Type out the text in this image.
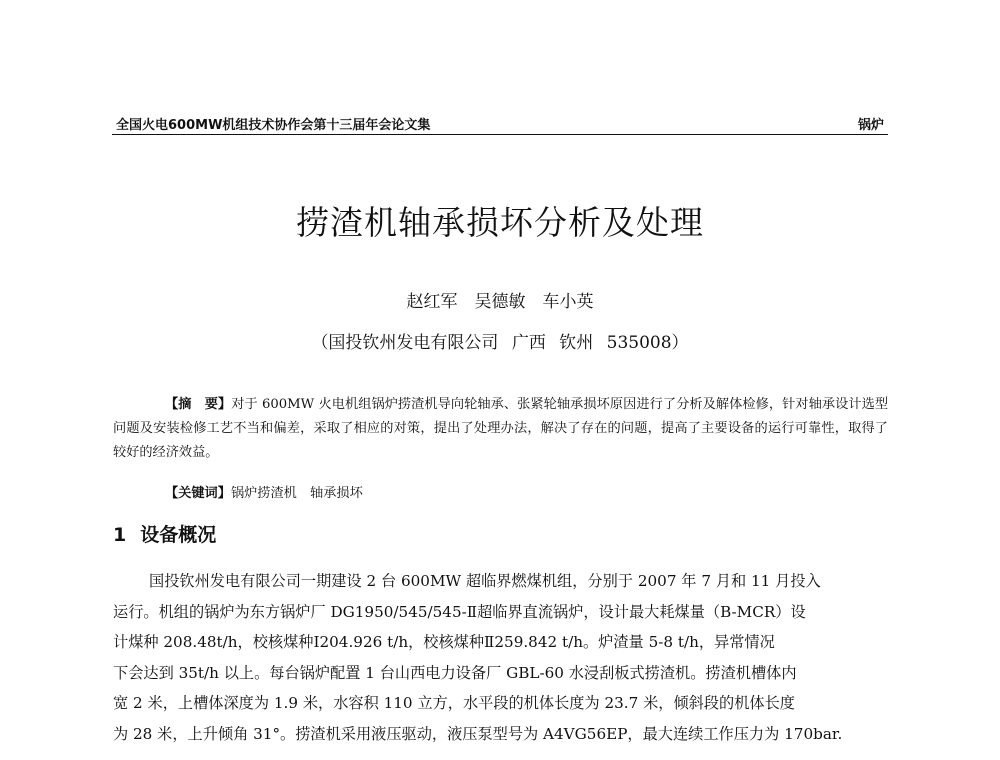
全国火电600MW机组技术协作会第十三届年会论文集	锅炉
捞渣机轴承损坏分析及处理
赵红军　吴德敏　车小英
（国投钦州发电有限公司 广西 钦州 535008）
【摘　要】对于 600MW 火电机组锅炉捞渣机导向轮轴承、张紧轮轴承损坏原因进行了分析及解体检修，针对轴承设计选型问题及安装检修工艺不当和偏差，采取了相应的对策，提出了处理办法，解决了存在的问题，提高了主要设备的运行可靠性，取得了较好的经济效益。
【关键词】锅炉捞渣机　轴承损坏
1 设备概况
国投钦州发电有限公司一期建设 2 台 600MW 超临界燃煤机组，分别于 2007 年 7 月和 11 月投入
运行。机组的锅炉为东方锅炉厂 DG1950/545/545-Ⅱ超临界直流锅炉，设计最大耗煤量（B-MCR）设
计煤种 208.48t/h，校核煤种Ⅰ204.926 t/h，校核煤种Ⅱ259.842 t/h。炉渣量 5-8 t/h，异常情况
下会达到 35t/h 以上。每台锅炉配置 1 台山西电力设备厂 GBL-60 水浸刮板式捞渣机。捞渣机槽体内
宽 2 米，上槽体深度为 1.9 米，水容积 110 立方，水平段的机体长度为 23.7 米，倾斜段的机体长度
为 28 米，上升倾角 31°。捞渣机采用液压驱动，液压泵型号为 A4VG56EP，最大连续工作压力为 170bar.
